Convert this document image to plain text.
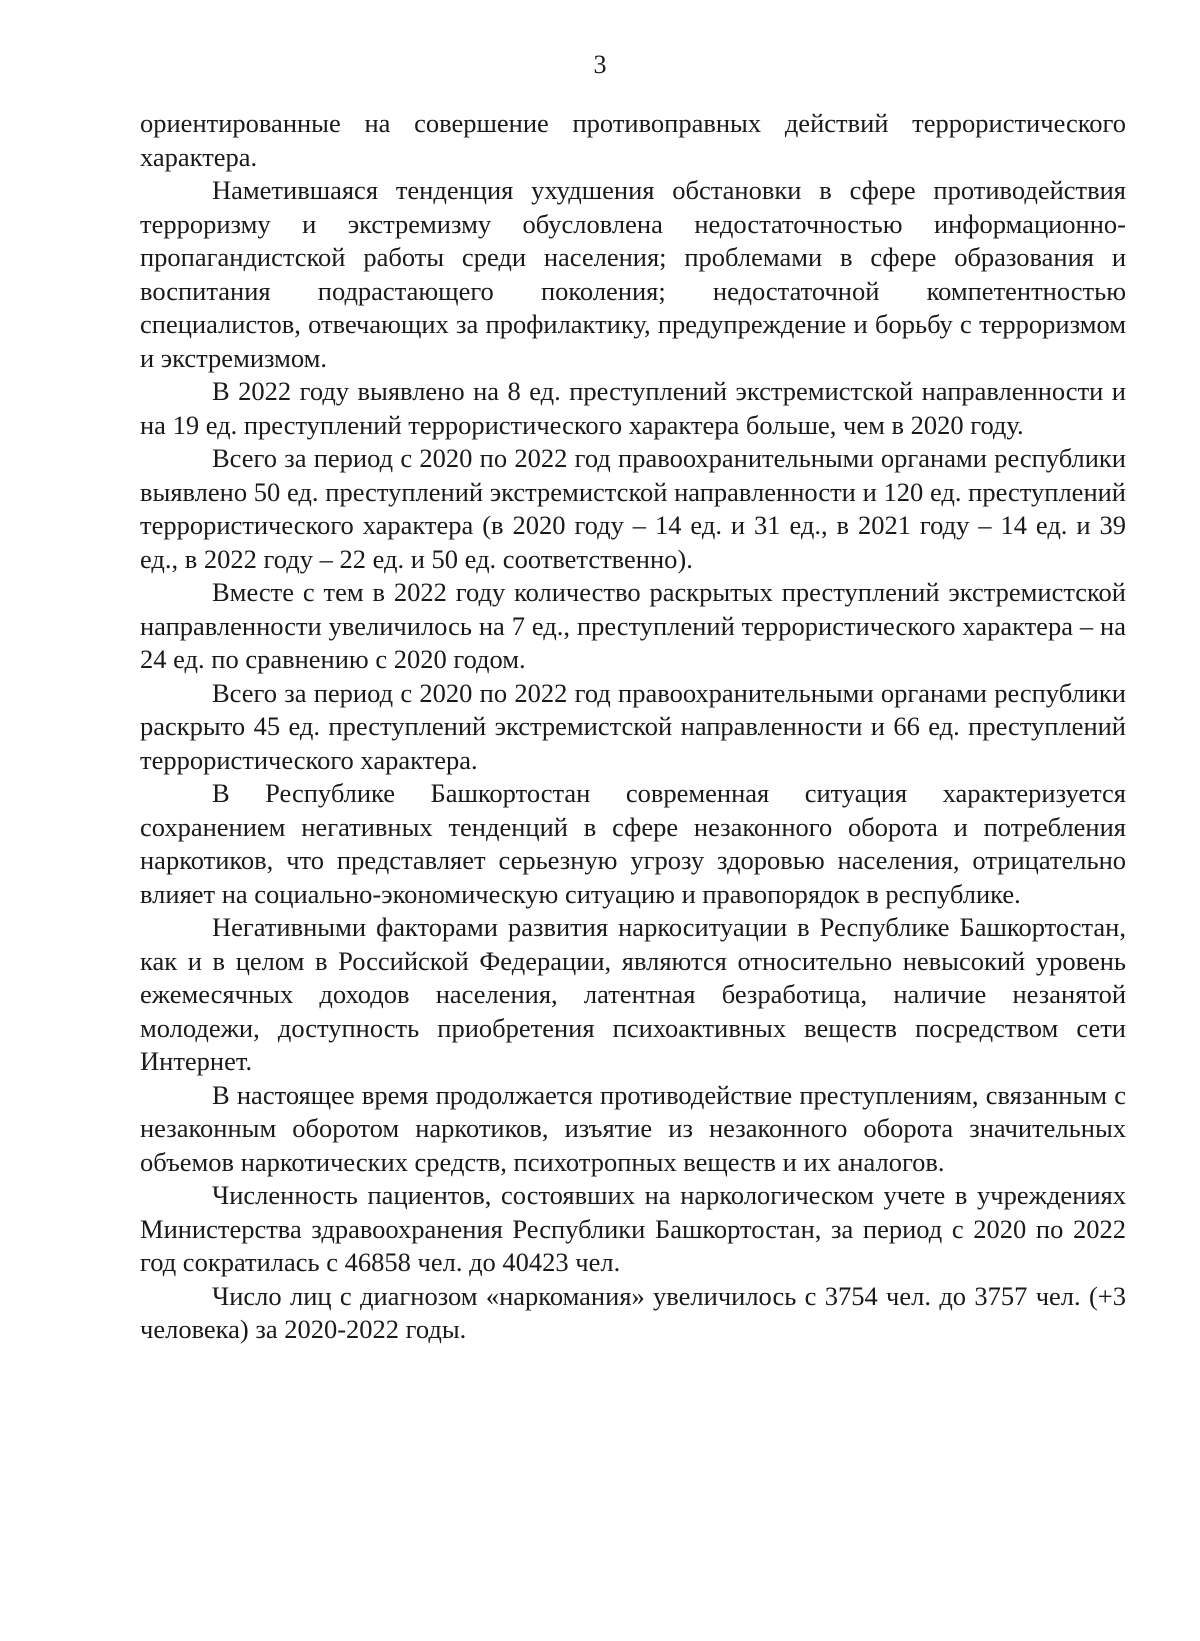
3

ориентированные на совершение противоправных действий террористического характера.

Наметившаяся тенденция ухудшения обстановки в сфере противодействия терроризму и экстремизму обусловлена недостаточностью информационно-пропагандистской работы среди населения; проблемами в сфере образования и воспитания подрастающего поколения; недостаточной компетентностью специалистов, отвечающих за профилактику, предупреждение и борьбу с терроризмом и экстремизмом.

В 2022 году выявлено на 8 ед. преступлений экстремистской направленности и на 19 ед. преступлений террористического характера больше, чем в 2020 году.

Всего за период с 2020 по 2022 год правоохранительными органами республики выявлено 50 ед. преступлений экстремистской направленности и 120 ед. преступлений террористического характера (в 2020 году – 14 ед. и 31 ед., в 2021 году – 14 ед. и 39 ед., в 2022 году – 22 ед. и 50 ед. соответственно).

Вместе с тем в 2022 году количество раскрытых преступлений экстремистской направленности увеличилось на 7 ед., преступлений террористического характера – на 24 ед. по сравнению с 2020 годом.

Всего за период с 2020 по 2022 год правоохранительными органами республики раскрыто 45 ед. преступлений экстремистской направленности и 66 ед. преступлений террористического характера.

В Республике Башкортостан современная ситуация характеризуется сохранением негативных тенденций в сфере незаконного оборота и потребления наркотиков, что представляет серьезную угрозу здоровью населения, отрицательно влияет на социально-экономическую ситуацию и правопорядок в республике.

Негативными факторами развития наркоситуации в Республике Башкортостан, как и в целом в Российской Федерации, являются относительно невысокий уровень ежемесячных доходов населения, латентная безработица, наличие незанятой молодежи, доступность приобретения психоактивных веществ посредством сети Интернет.

В настоящее время продолжается противодействие преступлениям, связанным с незаконным оборотом наркотиков, изъятие из незаконного оборота значительных объемов наркотических средств, психотропных веществ и их аналогов.

Численность пациентов, состоявших на наркологическом учете в учреждениях Министерства здравоохранения Республики Башкортостан, за период с 2020 по 2022 год сократилась с 46858 чел. до 40423 чел.

Число лиц с диагнозом «наркомания» увеличилось с 3754 чел. до 3757 чел. (+3 человека) за 2020-2022 годы.
